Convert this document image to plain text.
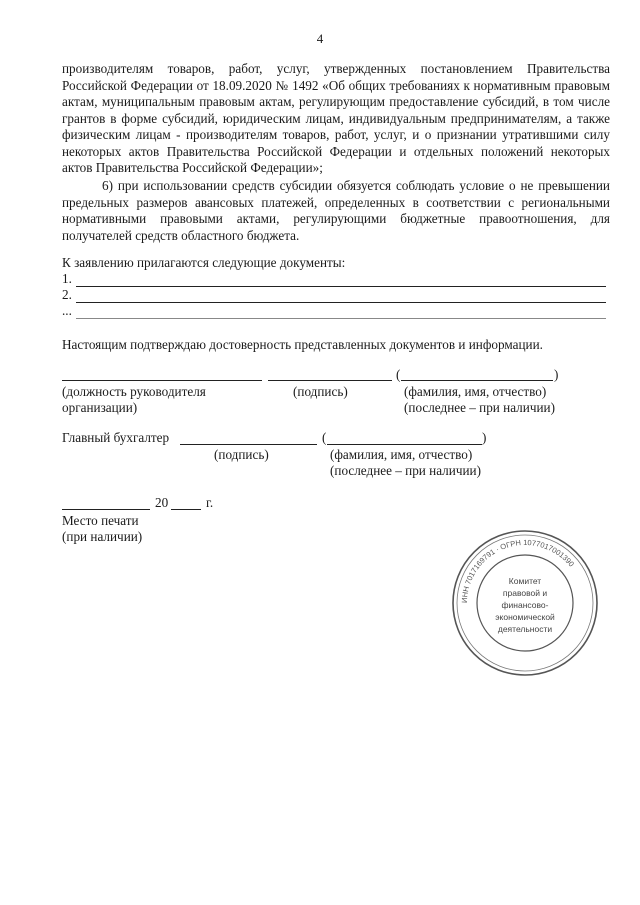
4

производителям товаров, работ, услуг, утвержденных постановлением Правительства Российской Федерации от 18.09.2020 № 1492 «Об общих требованиях к нормативным правовым актам, муниципальным правовым актам, регулирующим предоставление субсидий, в том числе грантов в форме субсидий, юридическим лицам, индивидуальным предпринимателям, а также физическим лицам - производителям товаров, работ, услуг, и о признании утратившими силу некоторых актов Правительства Российской Федерации и отдельных положений некоторых актов Правительства Российской Федерации»;

6) при использовании средств субсидии обязуется соблюдать условие о не превышении предельных размеров авансовых платежей, определенных в соответствии с региональными нормативными правовыми актами, регулирующими бюджетные правоотношения, для получателей средств областного бюджета.

К заявлению прилагаются следующие документы:
1.
2.
...
Настоящим подтверждаю достоверность представленных документов и информации.
(	)
(должность руководителя
организации)
(подпись)	(фамилия, имя, отчество)
(последнее – при наличии)
Главный бухгалтер	(	)
(подпись)	(фамилия, имя, отчество)
(последнее – при наличии)
20	г.
Место печати
(при наличии)
ИНН 7017169791 · ОГРН 1077017001390
Комитет
правовой и
финансово-
экономической
деятельности
